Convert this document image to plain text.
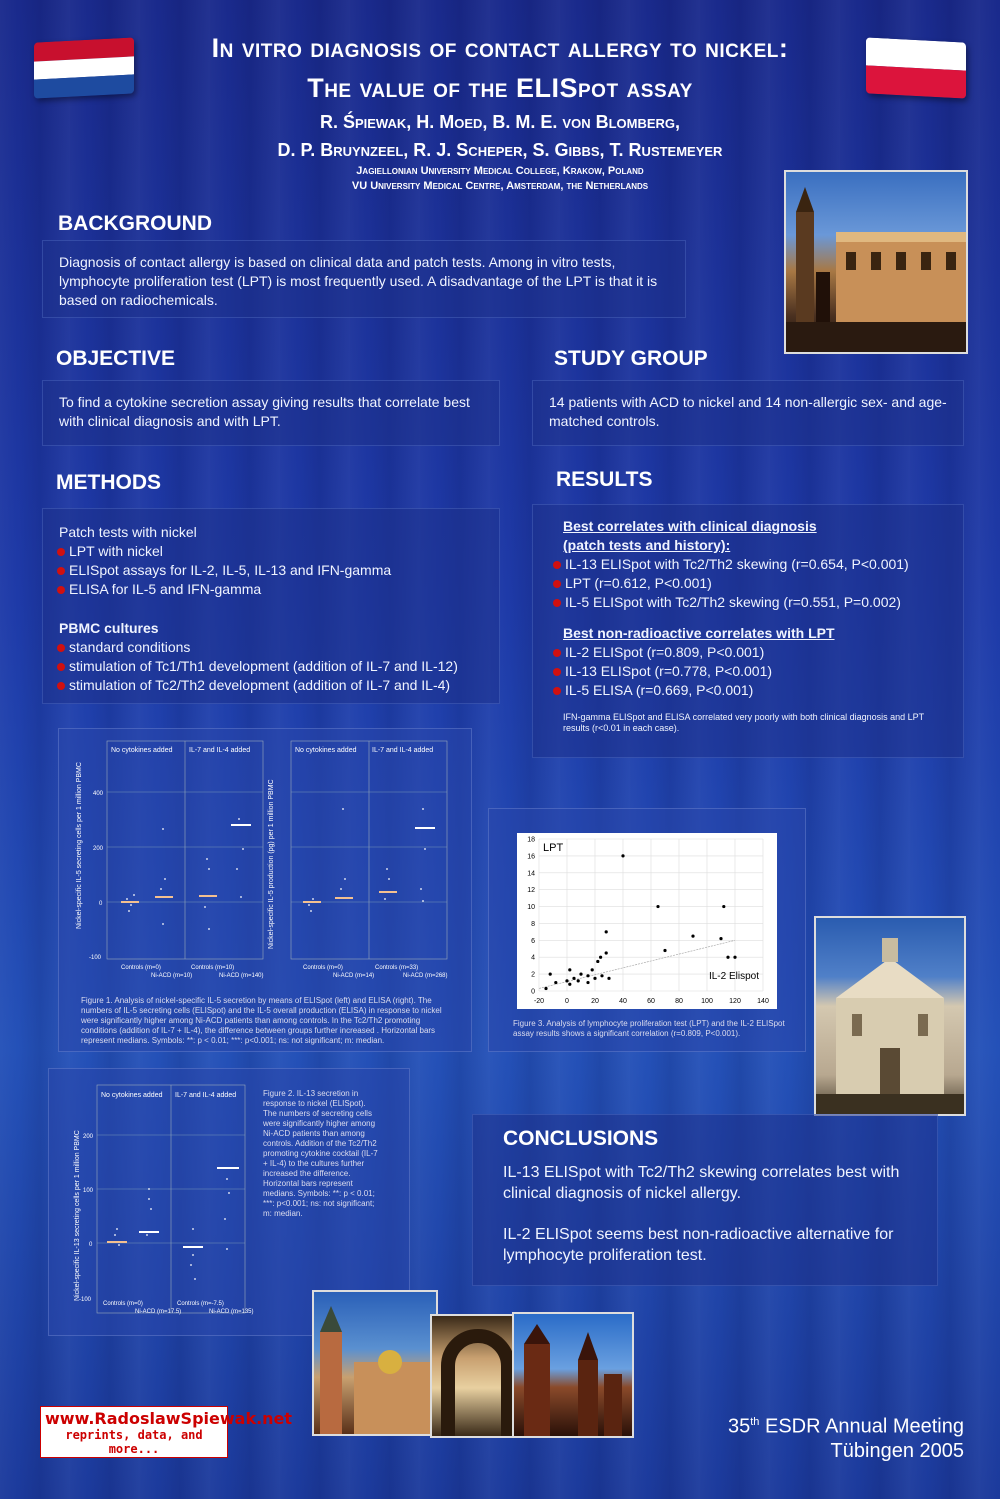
In vitro diagnosis of contact allergy to nickel:
The value of the ELISpot assay
R. Śpiewak, H. Moed, B. M. E. von Blomberg,
D. P. Bruynzeel, R. J. Scheper, S. Gibbs, T. Rustemeyer
Jagiellonian University Medical College, Krakow, Poland
VU University Medical Centre, Amsterdam, the Netherlands
BACKGROUND
Diagnosis of contact allergy is based on clinical data and patch tests. Among in vitro tests, lymphocyte proliferation test (LPT) is most frequently used. A disadvantage of the LPT is that it is based on radiochemicals.
OBJECTIVE
To find a cytokine secretion assay giving results that correlate best with clinical diagnosis and with LPT.
STUDY GROUP
14 patients with ACD to nickel and 14 non-allergic sex- and age-matched controls.
METHODS
Patch tests with nickel
LPT with nickel
ELISpot assays for IL-2, IL-5, IL-13 and IFN-gamma
ELISA for IL-5 and IFN-gamma
PBMC cultures
standard conditions
stimulation of Tc1/Th1 development (addition of IL-7 and IL-12)
stimulation of Tc2/Th2 development (addition of IL-7 and IL-4)
RESULTS
Best correlates with clinical diagnosis
(patch tests and history):
IL-13 ELISpot with Tc2/Th2 skewing (r=0.654, P<0.001)
LPT (r=0.612, P<0.001)
IL-5 ELISpot with Tc2/Th2 skewing (r=0.551, P=0.002)
Best non-radioactive correlates with LPT
IL-2 ELISpot (r=0.809, P<0.001)
IL-13 ELISpot (r=0.778, P<0.001)
IL-5 ELISA (r=0.669, P<0.001)
IFN-gamma ELISpot and ELISA correlated very poorly with both clinical diagnosis and LPT results (r<0.01 in each case).
Nickel-specific IL-5 secreting cells per 1 million PBMC
No cytokines added IL-7 and IL-4 added
400
200
0
-100
Controls (m=0)
Ni-ACD (m=10)
Controls (m=10)
Ni-ACD (m=140)
Nickel-specific IL-5 production (pg) per 1 million PBMC
No cytokines added IL-7 and IL-4 added
Controls (m=0)
Ni-ACD (m=14)
Controls (m=33)
Ni-ACD (m=268)
Figure 1. Analysis of nickel-specific IL-5 secretion by means of ELISpot (left) and ELISA (right). The numbers of IL-5 secreting cells (ELISpot) and the IL-5 overall production (ELISA) in response to nickel were significantly higher among Ni-ACD patients than among controls. In the Tc2/Th2 promoting conditions (addition of IL-7 + IL-4), the difference between groups further increased . Horizontal bars represent medians. Symbols: **: p < 0.01; ***: p<0.001; ns: not significant; m: median.
-20	0	20	40	60	80	100 120 140
0
2
4
6
8
10
12
14
16
18
LPT
IL-2 Elispot
Figure 3. Analysis of lymphocyte proliferation test (LPT) and the IL-2 ELISpot assay results shows a significant correlation (r=0.809, P<0.001).
Nickel-specific IL-13 secreting cells per 1 million PBMC
No cytokines added IL-7 and IL-4 added
200
100
0
-100
Controls (m=0)
Ni-ACD (m=17.5)
Controls (m=-7.5)
Ni-ACD (m=135)
Figure 2. IL-13 secretion in response to nickel (ELISpot). The numbers of secreting cells were significantly higher among Ni-ACD patients than among controls. Addition of the Tc2/Th2 promoting cytokine cocktail (IL-7 + IL-4) to the cultures further increased the difference. Horizontal bars represent medians. Symbols: **: p < 0.01; ***: p<0.001; ns: not significant; m: median.
CONCLUSIONS
IL-13 ELISpot with Tc2/Th2 skewing correlates best with clinical diagnosis of nickel allergy.
IL-2 ELISpot seems best non-radioactive alternative for lymphocyte proliferation test.
www.RadoslawSpiewak.net
reprints, data, and more...
35th ESDR Annual Meeting
Tübingen 2005
